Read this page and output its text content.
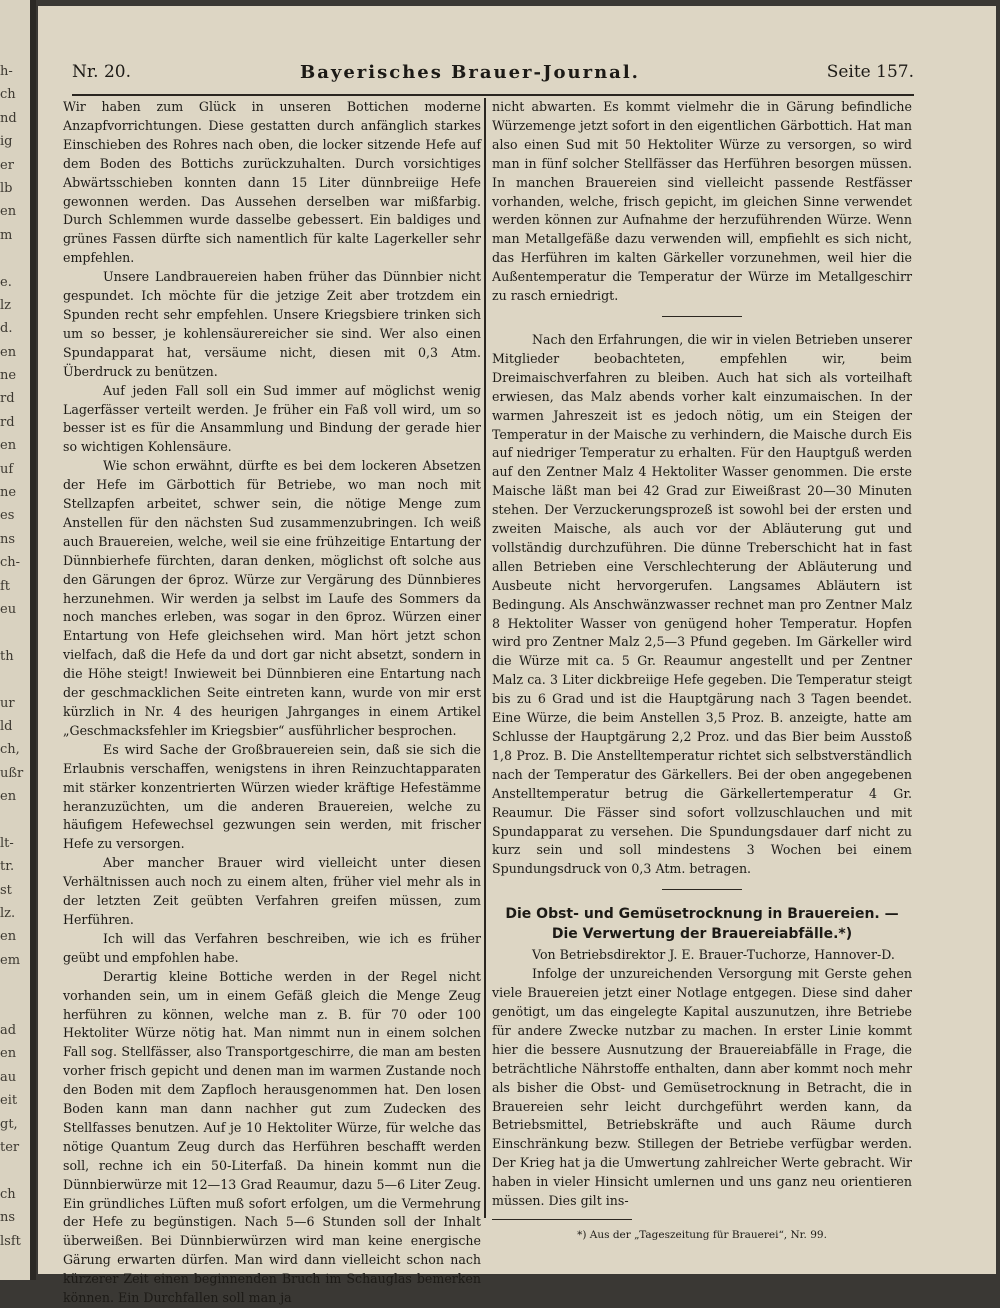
h-
ch
nd
ig
er
lb
en
m
e.
lz
d.
en
ne
rd
rd
en
uf
ne
es
ns
ch-
ft
eu
th
ur
ld
ch,
ußr
en
lt-
tr.
st
lz.
en
em
ad
en
au
eit
gt,
ter
ch
ns
lsft
Nr. 20.	Bayerisches Brauer-Journal.	Seite 157.

Wir haben zum Glück in unseren Bottichen moderne Anzapfvorrichtungen. Diese gestatten durch anfänglich starkes Einschieben des Rohres nach oben, die locker sitzende Hefe auf dem Boden des Bottichs zurückzuhalten. Durch vorsichtiges Abwärtsschieben konnten dann 15 Liter dünnbreiige Hefe gewonnen werden. Das Aussehen derselben war mißfarbig. Durch Schlemmen wurde dasselbe gebessert. Ein baldiges und grünes Fassen dürfte sich namentlich für kalte Lagerkeller sehr empfehlen.

Unsere Landbrauereien haben früher das Dünnbier nicht gespundet. Ich möchte für die jetzige Zeit aber trotzdem ein Spunden recht sehr empfehlen. Unsere Kriegsbiere trinken sich um so besser, je kohlensäurereicher sie sind. Wer also einen Spundapparat hat, versäume nicht, diesen mit 0,3 Atm. Überdruck zu benützen.

Auf jeden Fall soll ein Sud immer auf möglichst wenig Lagerfässer verteilt werden. Je früher ein Faß voll wird, um so besser ist es für die Ansammlung und Bindung der gerade hier so wichtigen Kohlensäure.

Wie schon erwähnt, dürfte es bei dem lockeren Absetzen der Hefe im Gärbottich für Betriebe, wo man noch mit Stellzapfen arbeitet, schwer sein, die nötige Menge zum Anstellen für den nächsten Sud zusammenzubringen. Ich weiß auch Brauereien, welche, weil sie eine frühzeitige Entartung der Dünnbierhefe fürchten, daran denken, möglichst oft solche aus den Gärungen der 6proz. Würze zur Vergärung des Dünnbieres herzunehmen. Wir werden ja selbst im Laufe des Sommers da noch manches erleben, was sogar in den 6proz. Würzen einer Entartung von Hefe gleichsehen wird. Man hört jetzt schon vielfach, daß die Hefe da und dort gar nicht absetzt, sondern in die Höhe steigt! Inwieweit bei Dünnbieren eine Entartung nach der geschmacklichen Seite eintreten kann, wurde von mir erst kürzlich in Nr. 4 des heurigen Jahrganges in einem Artikel „Geschmacksfehler im Kriegsbier“ ausführlicher besprochen.

Es wird Sache der Großbrauereien sein, daß sie sich die Erlaubnis verschaffen, wenigstens in ihren Reinzuchtapparaten mit stärker konzentrierten Würzen wieder kräftige Hefestämme heranzuzüchten, um die anderen Brauereien, welche zu häufigem Hefewechsel gezwungen sein werden, mit frischer Hefe zu versorgen.

Aber mancher Brauer wird vielleicht unter diesen Verhältnissen auch noch zu einem alten, früher viel mehr als in der letzten Zeit geübten Verfahren greifen müssen, zum Herführen.

Ich will das Verfahren beschreiben, wie ich es früher geübt und empfohlen habe.

Derartig kleine Bottiche werden in der Regel nicht vorhanden sein, um in einem Gefäß gleich die Menge Zeug herführen zu können, welche man z. B. für 70 oder 100 Hektoliter Würze nötig hat. Man nimmt nun in einem solchen Fall sog. Stellfässer, also Transportgeschirre, die man am besten vorher frisch gepicht und denen man im warmen Zustande noch den Boden mit dem Zapfloch herausgenommen hat. Den losen Boden kann man dann nachher gut zum Zudecken des Stellfasses benutzen. Auf je 10 Hektoliter Würze, für welche das nötige Quantum Zeug durch das Herführen beschafft werden soll, rechne ich ein 50-Literfaß. Da hinein kommt nun die Dünnbierwürze mit 12—13 Grad Reaumur, dazu 5—6 Liter Zeug. Ein gründliches Lüften muß sofort erfolgen, um die Vermehrung der Hefe zu begünstigen. Nach 5—6 Stunden soll der Inhalt überweißen. Bei Dünnbierwürzen wird man keine energische Gärung erwarten dürfen. Man wird dann vielleicht schon nach kürzerer Zeit einen beginnenden Bruch im Schauglas bemerken können. Ein Durchfallen soll man ja

nicht abwarten. Es kommt vielmehr die in Gärung befindliche Würzemenge jetzt sofort in den eigentlichen Gärbottich. Hat man also einen Sud mit 50 Hektoliter Würze zu versorgen, so wird man in fünf solcher Stellfässer das Herführen besorgen müssen. In manchen Brauereien sind vielleicht passende Restfässer vorhanden, welche, frisch gepicht, im gleichen Sinne verwendet werden können zur Aufnahme der herzuführenden Würze. Wenn man Metallgefäße dazu verwenden will, empfiehlt es sich nicht, das Herführen im kalten Gärkeller vorzunehmen, weil hier die Außentemperatur die Temperatur der Würze im Metallgeschirr zu rasch erniedrigt.

Nach den Erfahrungen, die wir in vielen Betrieben unserer Mitglieder beobachteten, empfehlen wir, beim Dreimaischverfahren zu bleiben. Auch hat sich als vorteilhaft erwiesen, das Malz abends vorher kalt einzumaischen. In der warmen Jahreszeit ist es jedoch nötig, um ein Steigen der Temperatur in der Maische zu verhindern, die Maische durch Eis auf niedriger Temperatur zu erhalten. Für den Hauptguß werden auf den Zentner Malz 4 Hektoliter Wasser genommen. Die erste Maische läßt man bei 42 Grad zur Eiweißrast 20—30 Minuten stehen. Der Verzuckerungsprozeß ist sowohl bei der ersten und zweiten Maische, als auch vor der Abläuterung gut und vollständig durchzuführen. Die dünne Treberschicht hat in fast allen Betrieben eine Verschlechterung der Abläuterung und Ausbeute nicht hervorgerufen. Langsames Abläutern ist Bedingung. Als Anschwänzwasser rechnet man pro Zentner Malz 8 Hektoliter Wasser von genügend hoher Temperatur. Hopfen wird pro Zentner Malz 2,5—3 Pfund gegeben. Im Gärkeller wird die Würze mit ca. 5 Gr. Reaumur angestellt und per Zentner Malz ca. 3 Liter dickbreiige Hefe gegeben. Die Temperatur steigt bis zu 6 Grad und ist die Hauptgärung nach 3 Tagen beendet. Eine Würze, die beim Anstellen 3,5 Proz. B. anzeigte, hatte am Schlusse der Hauptgärung 2,2 Proz. und das Bier beim Ausstoß 1,8 Proz. B. Die Anstelltemperatur richtet sich selbstverständlich nach der Temperatur des Gärkellers. Bei der oben angegebenen Anstelltemperatur betrug die Gärkellertemperatur 4 Gr. Reaumur. Die Fässer sind sofort vollzuschlauchen und mit Spundapparat zu versehen. Die Spundungsdauer darf nicht zu kurz sein und soll mindestens 3 Wochen bei einem Spundungsdruck von 0,3 Atm. betragen.

Die Obst- und Gemüsetrocknung in Brauereien. — Die Verwertung der Brauereiabfälle.*)

Von Betriebsdirektor J. E. Brauer-Tuchorze, Hannover-D.

Infolge der unzureichenden Versorgung mit Gerste gehen viele Brauereien jetzt einer Notlage entgegen. Diese sind daher genötigt, um das eingelegte Kapital auszunutzen, ihre Betriebe für andere Zwecke nutzbar zu machen. In erster Linie kommt hier die bessere Ausnutzung der Brauereiabfälle in Frage, die beträchtliche Nährstoffe enthalten, dann aber kommt noch mehr als bisher die Obst- und Gemüsetrocknung in Betracht, die in Brauereien sehr leicht durchgeführt werden kann, da Betriebsmittel, Betriebskräfte und auch Räume durch Einschränkung bezw. Stillegen der Betriebe verfügbar werden. Der Krieg hat ja die Umwertung zahlreicher Werte gebracht. Wir haben in vieler Hinsicht umlernen und uns ganz neu orientieren müssen. Dies gilt ins-

*) Aus der „Tageszeitung für Brauerei“, Nr. 99.
